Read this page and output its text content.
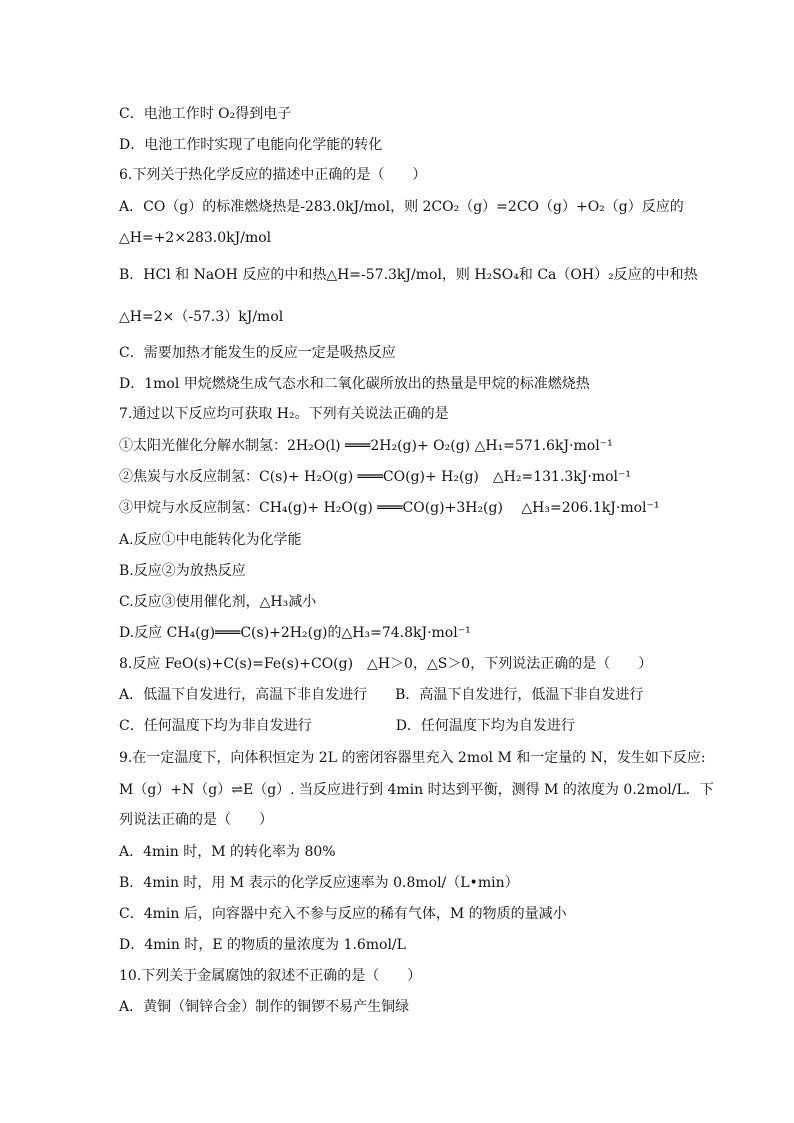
C．电池工作时 O₂得到电子
D．电池工作时实现了电能向化学能的转化
6.下列关于热化学反应的描述中正确的是（　　）
A．CO（g）的标准燃烧热是-283.0kJ/mol，则 2CO₂（g）=2CO（g）+O₂（g）反应的
△H=+2×283.0kJ/mol
B．HCl 和 NaOH 反应的中和热△H=-57.3kJ/mol，则 H₂SO₄和 Ca（OH）₂反应的中和热
△H=2×（-57.3）kJ/mol
C．需要加热才能发生的反应一定是吸热反应
D．1mol 甲烷燃烧生成气态水和二氧化碳所放出的热量是甲烷的标准燃烧热
7.通过以下反应均可获取 H₂。下列有关说法正确的是
①太阳光催化分解水制氢：2H₂O(l) ═══2H₂(g)+ O₂(g) △H₁=571.6kJ·mol⁻¹
②焦炭与水反应制氢：C(s)+ H₂O(g) ═══CO(g)+ H₂(g)　△H₂=131.3kJ·mol⁻¹
③甲烷与水反应制氢：CH₄(g)+ H₂O(g) ═══CO(g)+3H₂(g)　 △H₃=206.1kJ·mol⁻¹
A.反应①中电能转化为化学能
B.反应②为放热反应
C.反应③使用催化剂，△H₃减小
D.反应 CH₄(g)═══C(s)+2H₂(g)的△H₃=74.8kJ·mol⁻¹
8.反应 FeO(s)+C(s)=Fe(s)+CO(g)　△H＞0，△S＞0，下列说法正确的是（　　）
A．低温下自发进行，高温下非自发进行　　B．高温下自发进行，低温下非自发进行
C．任何温度下均为非自发进行　　　　　　D．任何温度下均为自发进行
9.在一定温度下，向体积恒定为 2L 的密闭容器里充入 2mol M 和一定量的 N，发生如下反应:
M（g）+N（g）⇌E（g）. 当反应进行到 4min 时达到平衡，测得 M 的浓度为 0.2mol/L．下
列说法正确的是（　　）
A．4min 时，M 的转化率为 80%
B．4min 时，用 M 表示的化学反应速率为 0.8mol/（L•min）
C．4min 后，向容器中充入不参与反应的稀有气体，M 的物质的量减小
D．4min 时，E 的物质的量浓度为 1.6mol/L
10.下列关于金属腐蚀的叙述不正确的是（　　）
A．黄铜（铜锌合金）制作的铜锣不易产生铜绿
